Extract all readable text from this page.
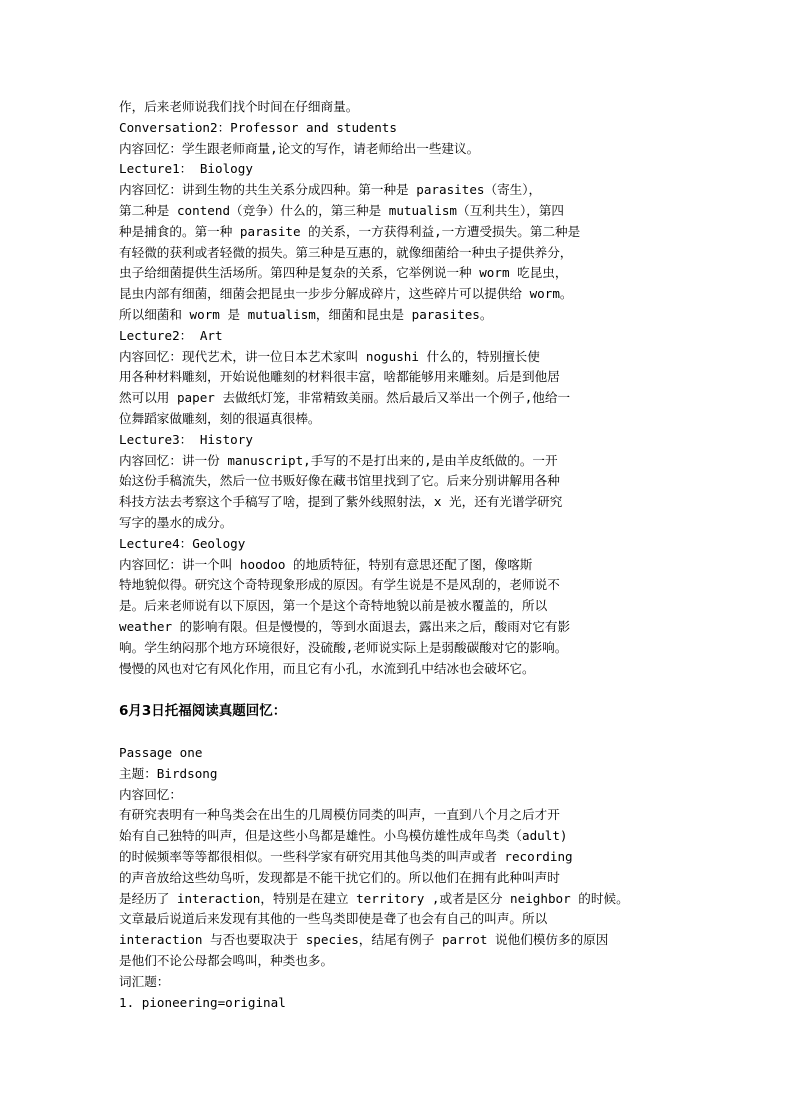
作，后来老师说我们找个时间在仔细商量。
Conversation2：Professor and students
内容回忆：学生跟老师商量,论文的写作，请老师给出一些建议。
Lecture1： Biology
内容回忆：讲到生物的共生关系分成四种。第一种是 parasites（寄生），
第二种是 contend（竞争）什么的，第三种是 mutualism（互利共生），第四
种是捕食的。第一种 parasite 的关系，一方获得利益,一方遭受损失。第二种是
有轻微的获利或者轻微的损失。第三种是互惠的，就像细菌给一种虫子提供养分，
虫子给细菌提供生活场所。第四种是复杂的关系，它举例说一种 worm 吃昆虫，
昆虫内部有细菌，细菌会把昆虫一步步分解成碎片，这些碎片可以提供给 worm。
所以细菌和 worm 是 mutualism，细菌和昆虫是 parasites。
Lecture2： Art
内容回忆：现代艺术，讲一位日本艺术家叫 nogushi 什么的，特别擅长使
用各种材料雕刻，开始说他雕刻的材料很丰富，啥都能够用来雕刻。后是到他居
然可以用 paper 去做纸灯笼，非常精致美丽。然后最后又举出一个例子,他给一
位舞蹈家做雕刻，刻的很逼真很棒。
Lecture3： History
内容回忆：讲一份 manuscript,手写的不是打出来的,是由羊皮纸做的。一开
始这份手稿流失，然后一位书贩好像在藏书馆里找到了它。后来分别讲解用各种
科技方法去考察这个手稿写了啥，提到了紫外线照射法，x 光，还有光谱学研究
写字的墨水的成分。
Lecture4：Geology
内容回忆：讲一个叫 hoodoo 的地质特征，特别有意思还配了图，像喀斯
特地貌似得。研究这个奇特现象形成的原因。有学生说是不是风刮的，老师说不
是。后来老师说有以下原因，第一个是这个奇特地貌以前是被水覆盖的，所以
weather 的影响有限。但是慢慢的，等到水面退去，露出来之后，酸雨对它有影
响。学生纳闷那个地方环境很好，没硫酸,老师说实际上是弱酸碳酸对它的影响。
慢慢的风也对它有风化作用，而且它有小孔，水流到孔中结冰也会破坏它。
6月3日托福阅读真题回忆：
Passage one
主题：Birdsong
内容回忆：
有研究表明有一种鸟类会在出生的几周模仿同类的叫声，一直到八个月之后才开
始有自己独特的叫声，但是这些小鸟都是雄性。小鸟模仿雄性成年鸟类（adult)
的时候频率等等都很相似。一些科学家有研究用其他鸟类的叫声或者 recording
的声音放给这些幼鸟听，发现都是不能干扰它们的。所以他们在拥有此种叫声时
是经历了 interaction，特别是在建立 territory ,或者是区分 neighbor 的时候。
文章最后说道后来发现有其他的一些鸟类即使是聋了也会有自己的叫声。所以
interaction 与否也要取决于 species，结尾有例子 parrot 说他们模仿多的原因
是他们不论公母都会鸣叫，种类也多。
词汇题：
1. pioneering=original
